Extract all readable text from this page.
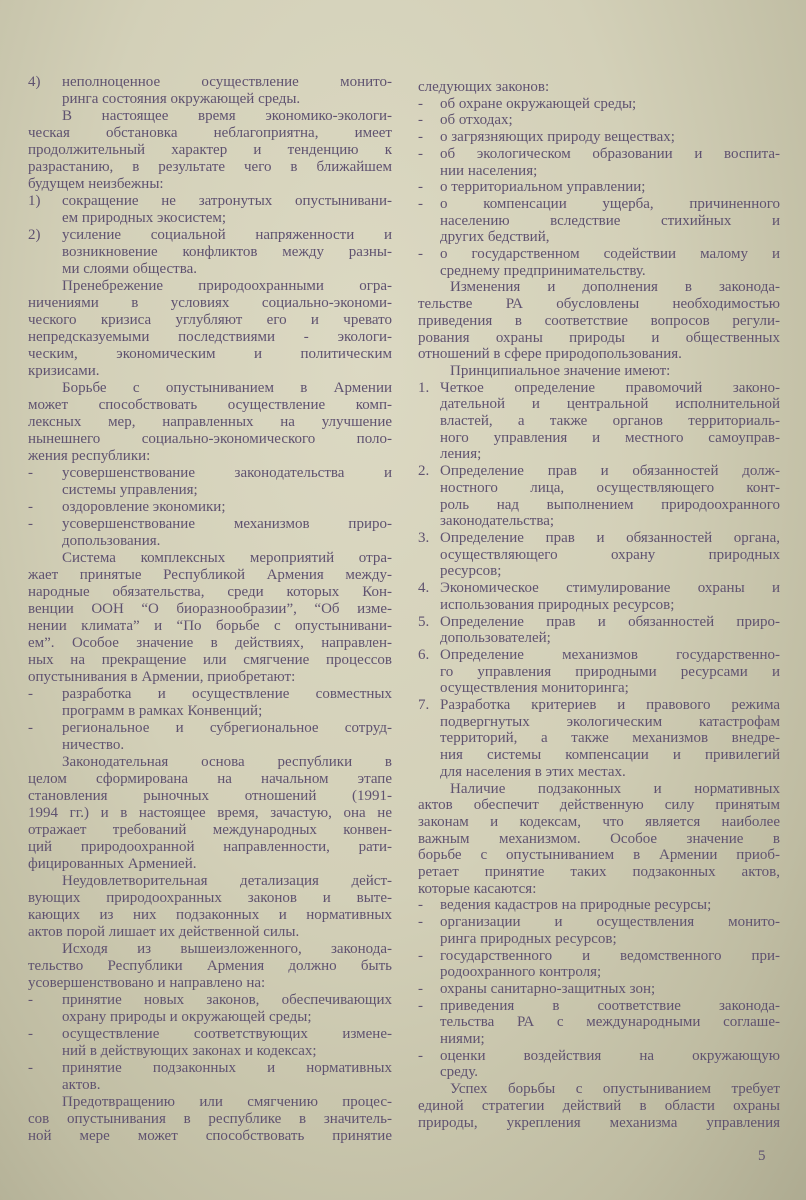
4)	неполноценное осуществление монито-
ринга состояния окружающей среды.
В настоящее время экономико-экологи-
ческая обстановка неблагоприятна, имеет
продолжительный характер и тенденцию к
разрастанию, в результате чего в ближайшем
будущем неизбежны:
1)	сокращение не затронутых опустынивани-
ем природных экосистем;
2)	усиление социальной напряженности и
возникновение конфликтов между разны-
ми слоями общества.
Пренебрежение природоохранными огра-
ничениями в условиях социально-экономи-
ческого кризиса углубляют его и чревато
непредсказуемыми последствиями - экологи-
ческим, экономическим и политическим
кризисами.
Борьбе с опустыниванием в Армении
может способствовать осуществление комп-
лексных мер, направленных на улучшение
нынешнего социально-экономического поло-
жения республики:
-	усовершенствование законодательства и
системы управления;
-	оздоровление экономики;
-	усовершенствование механизмов приро-
допользования.
Система комплексных мероприятий отра-
жает принятые Республикой Армения между-
народные обязательства, среди которых Кон-
венции ООН “О биоразнообразии”, “Об изме-
нении климата” и “По борьбе с опустынивани-
ем”. Особое значение в действиях, направлен-
ных на прекращение или смягчение процессов
опустынивания в Армении, приобретают:
-	разработка и осуществление совместных
программ в рамках Конвенций;
-	региональное и субрегиональное сотруд-
ничество.
Законодательная основа республики в
целом сформирована на начальном этапе
становления рыночных отношений (1991-
1994 гг.) и в настоящее время, зачастую, она не
отражает требований международных конвен-
ций природоохранной направленности, рати-
фицированных Арменией.
Неудовлетворительная детализация дейст-
вующих природоохранных законов и выте-
кающих из них подзаконных и нормативных
актов порой лишает их действенной силы.
Исходя из вышеизложенного, законода-
тельство Республики Армения должно быть
усовершенствовано и направлено на:
-	принятие новых законов, обеспечивающих
охрану природы и окружающей среды;
-	осуществление соответствующих измене-
ний в действующих законах и кодексах;
-	принятие подзаконных и нормативных
актов.
Предотвращению или смягчению процес-
сов опустынивания в республике в значитель-
ной мере может способствовать принятие
следующих законов:
-	об охране окружающей среды;
-	об отходах;
-	о загрязняющих природу веществах;
-	об экологическом образовании и воспита-
нии населения;
-	о территориальном управлении;
-	о компенсации ущерба, причиненного
населению вследствие стихийных и
других бедствий,
-	о государственном содействии малому и
среднему предпринимательству.
Изменения и дополнения в законода-
тельстве РА обусловлены необходимостью
приведения в соответствие вопросов регули-
рования охраны природы и общественных
отношений в сфере природопользования.
Принципиальное значение имеют:
1. Четкое определение правомочий законо-
дательной и центральной исполнительной
властей, а также органов территориаль-
ного управления и местного самоуправ-
ления;
2. Определение прав и обязанностей долж-
ностного лица, осуществляющего конт-
роль над выполнением природоохранного
законодательства;
3. Определение прав и обязанностей органа,
осуществляющего охрану природных
ресурсов;
4. Экономическое стимулирование охраны и
использования природных ресурсов;
5. Определение прав и обязанностей приро-
допользователей;
6. Определение механизмов государственно-
го управления природными ресурсами и
осуществления мониторинга;
7. Разработка критериев и правового режима
подвергнутых экологическим катастрофам
территорий, а также механизмов внедре-
ния системы компенсации и привилегий
для населения в этих местах.
Наличие подзаконных и нормативных
актов обеспечит действенную силу принятым
законам и кодексам, что является наиболее
важным механизмом. Особое значение в
борьбе с опустыниванием в Армении приоб-
ретает принятие таких подзаконных актов,
которые касаются:
-	ведения кадастров на природные ресурсы;
-	организации и осуществления монито-
ринга природных ресурсов;
-	государственного и ведомственного при-
родоохранного контроля;
-	охраны санитарно-защитных зон;
-	приведения в соответствие законода-
тельства РА с международными соглаше-
ниями;
-	оценки воздействия на окружающую
среду.
Успех борьбы с опустыниванием требует
единой стратегии действий в области охраны
природы, укрепления механизма управления
5
